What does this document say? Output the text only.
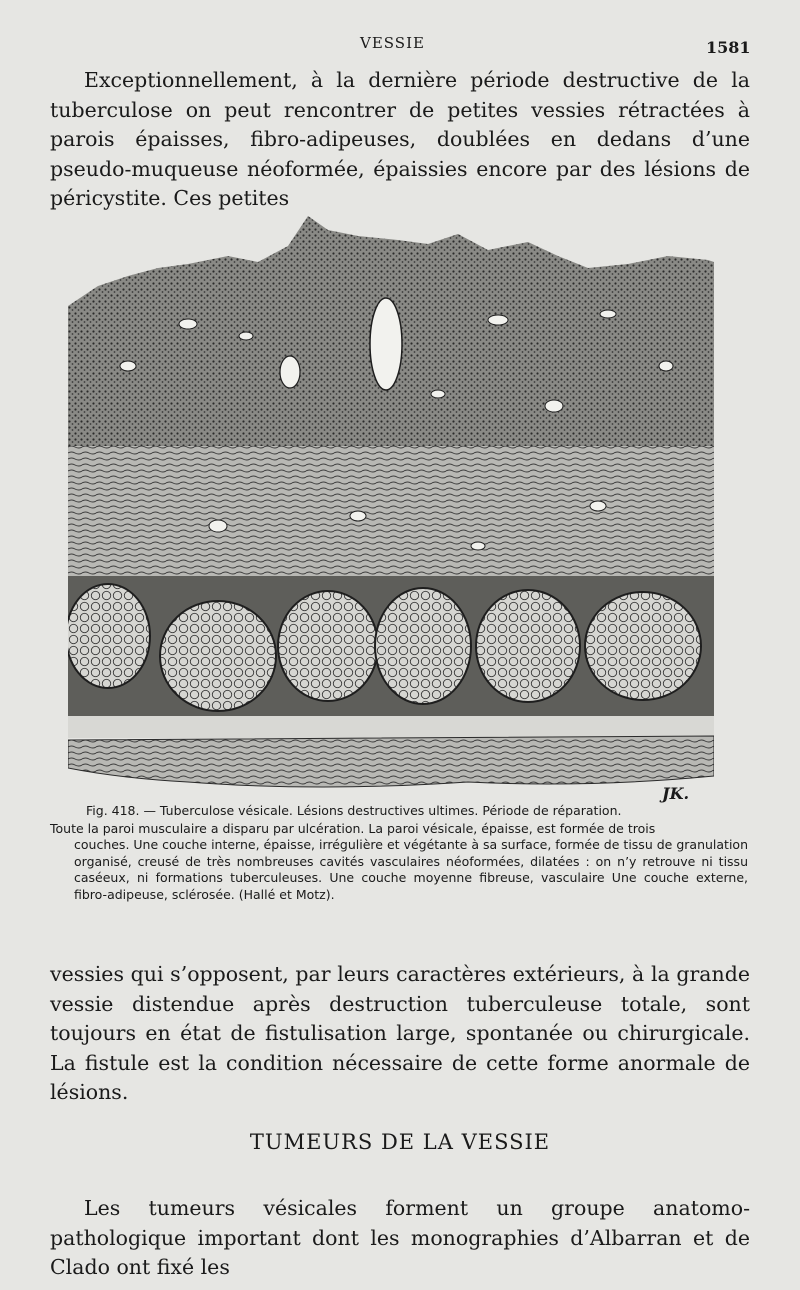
VESSIE	1581

Exceptionnellement, à la dernière période destructive de la tuberculose on peut rencontrer de petites vessies rétractées à parois épaisses, fibro-adipeuses, doublées en dedans d’une pseudo-muqueuse néoformée, épaissies encore par des lésions de péricystite. Ces petites

JK.
Fig. 418. — Tuberculose vésicale. Lésions destructives ultimes. Période de réparation.
Toute la paroi musculaire a disparu par ulcération. La paroi vésicale, épaisse, est formée de trois
couches. Une couche interne, épaisse, irrégulière et végétante à sa surface, formée de tissu de granulation organisé, creusé de très nombreuses cavités vasculaires néoformées, dilatées : on n’y retrouve ni tissu caséeux, ni formations tuberculeuses. Une couche moyenne fibreuse, vasculaire Une couche externe, fibro-adipeuse, sclérosée. (Hallé et Motz).

vessies qui s’opposent, par leurs caractères extérieurs, à la grande vessie distendue après destruction tuberculeuse totale, sont toujours en état de fistulisation large, spontanée ou chirurgicale. La fistule est la condition nécessaire de cette forme anormale de lésions.

TUMEURS DE LA VESSIE

Les tumeurs vésicales forment un groupe anatomo-pathologique important dont les monographies d’Albarran et de Clado ont fixé les
